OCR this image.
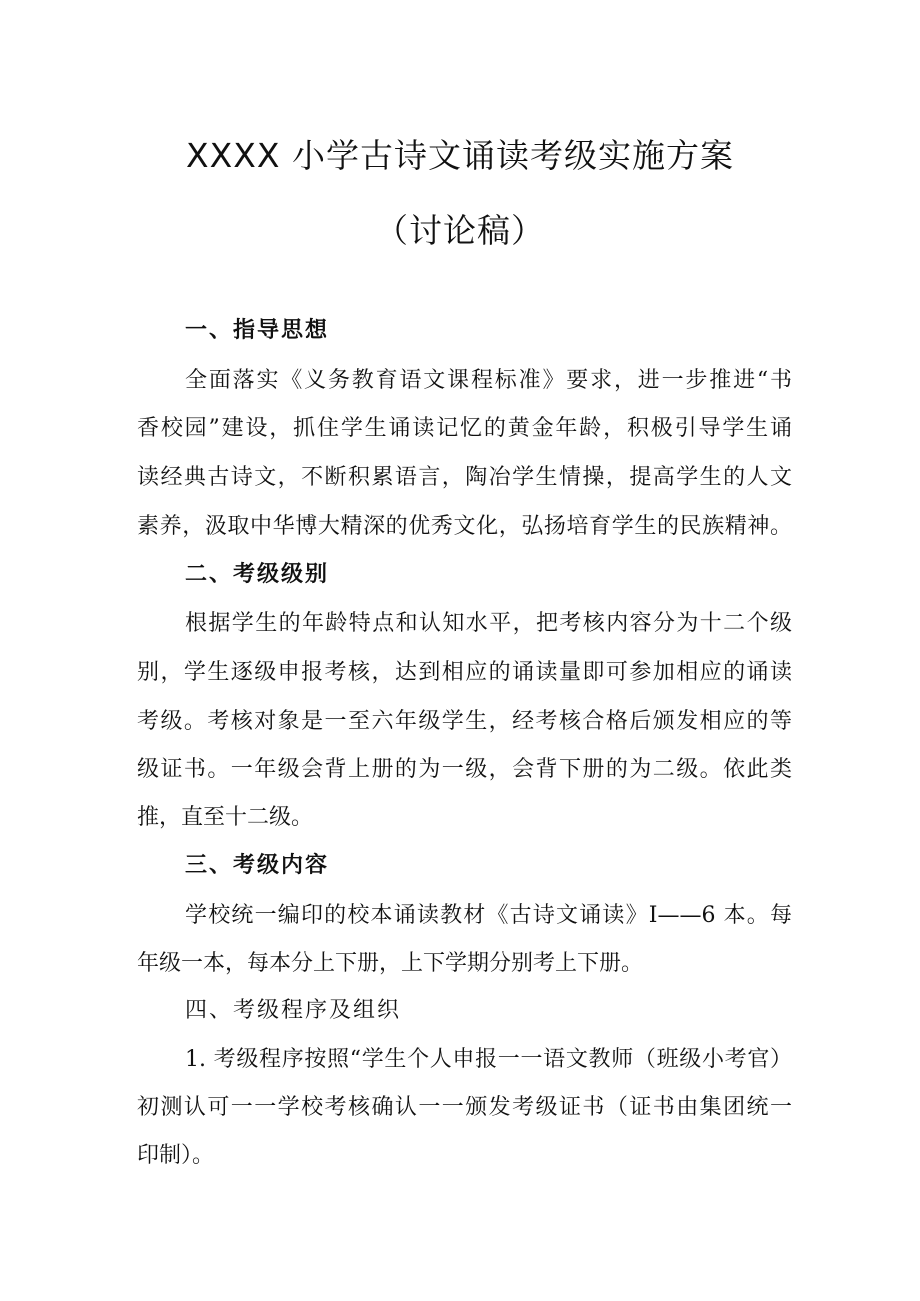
XXXX 小学古诗文诵读考级实施方案
（讨论稿）
一、指导思想
全面落实《义务教育语文课程标准》要求，进一步推进“书
香校园”建设，抓住学生诵读记忆的黄金年龄，积极引导学生诵
读经典古诗文，不断积累语言，陶冶学生情操，提高学生的人文
素养，汲取中华博大精深的优秀文化，弘扬培育学生的民族精神。
二、考级级别
根据学生的年龄特点和认知水平，把考核内容分为十二个级
别，学生逐级申报考核，达到相应的诵读量即可参加相应的诵读
考级。考核对象是一至六年级学生，经考核合格后颁发相应的等
级证书。一年级会背上册的为一级，会背下册的为二级。依此类
推，直至十二级。
三、考级内容
学校统一编印的校本诵读教材《古诗文诵读》I——6 本。每
年级一本，每本分上下册，上下学期分别考上下册。
四、考级程序及组织
1. 考级程序按照“学生个人申报一一语文教师（班级小考官）
初测认可一一学校考核确认一一颁发考级证书（证书由集团统一
印制）。
